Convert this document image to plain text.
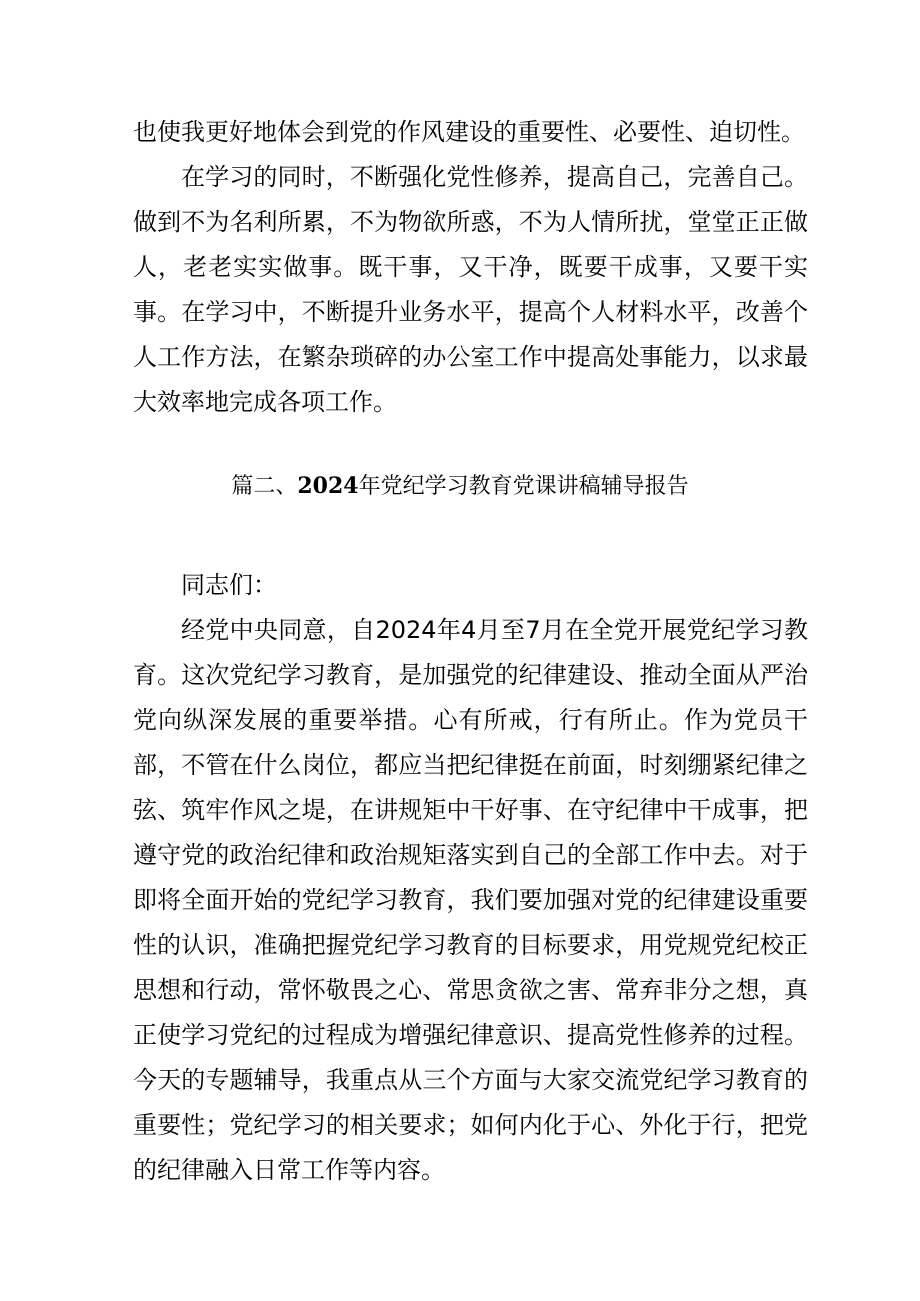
也使我更好地体会到党的作风建设的重要性、必要性、迫切性。

在学习的同时，不断强化党性修养，提高自己，完善自己。做到不为名利所累，不为物欲所惑，不为人情所扰，堂堂正正做人，老老实实做事。既干事，又干净，既要干成事，又要干实事。在学习中，不断提升业务水平，提高个人材料水平，改善个人工作方法，在繁杂琐碎的办公室工作中提高处事能力，以求最大效率地完成各项工作。

篇二、2024年党纪学习教育党课讲稿辅导报告

同志们：

经党中央同意，自2024年4月至7月在全党开展党纪学习教育。这次党纪学习教育，是加强党的纪律建设、推动全面从严治党向纵深发展的重要举措。心有所戒，行有所止。作为党员干部，不管在什么岗位，都应当把纪律挺在前面，时刻绷紧纪律之弦、筑牢作风之堤，在讲规矩中干好事、在守纪律中干成事，把遵守党的政治纪律和政治规矩落实到自己的全部工作中去。对于即将全面开始的党纪学习教育，我们要加强对党的纪律建设重要性的认识，准确把握党纪学习教育的目标要求，用党规党纪校正思想和行动，常怀敬畏之心、常思贪欲之害、常弃非分之想，真正使学习党纪的过程成为增强纪律意识、提高党性修养的过程。今天的专题辅导，我重点从三个方面与大家交流党纪学习教育的重要性；党纪学习的相关要求；如何内化于心、外化于行，把党的纪律融入日常工作等内容。
